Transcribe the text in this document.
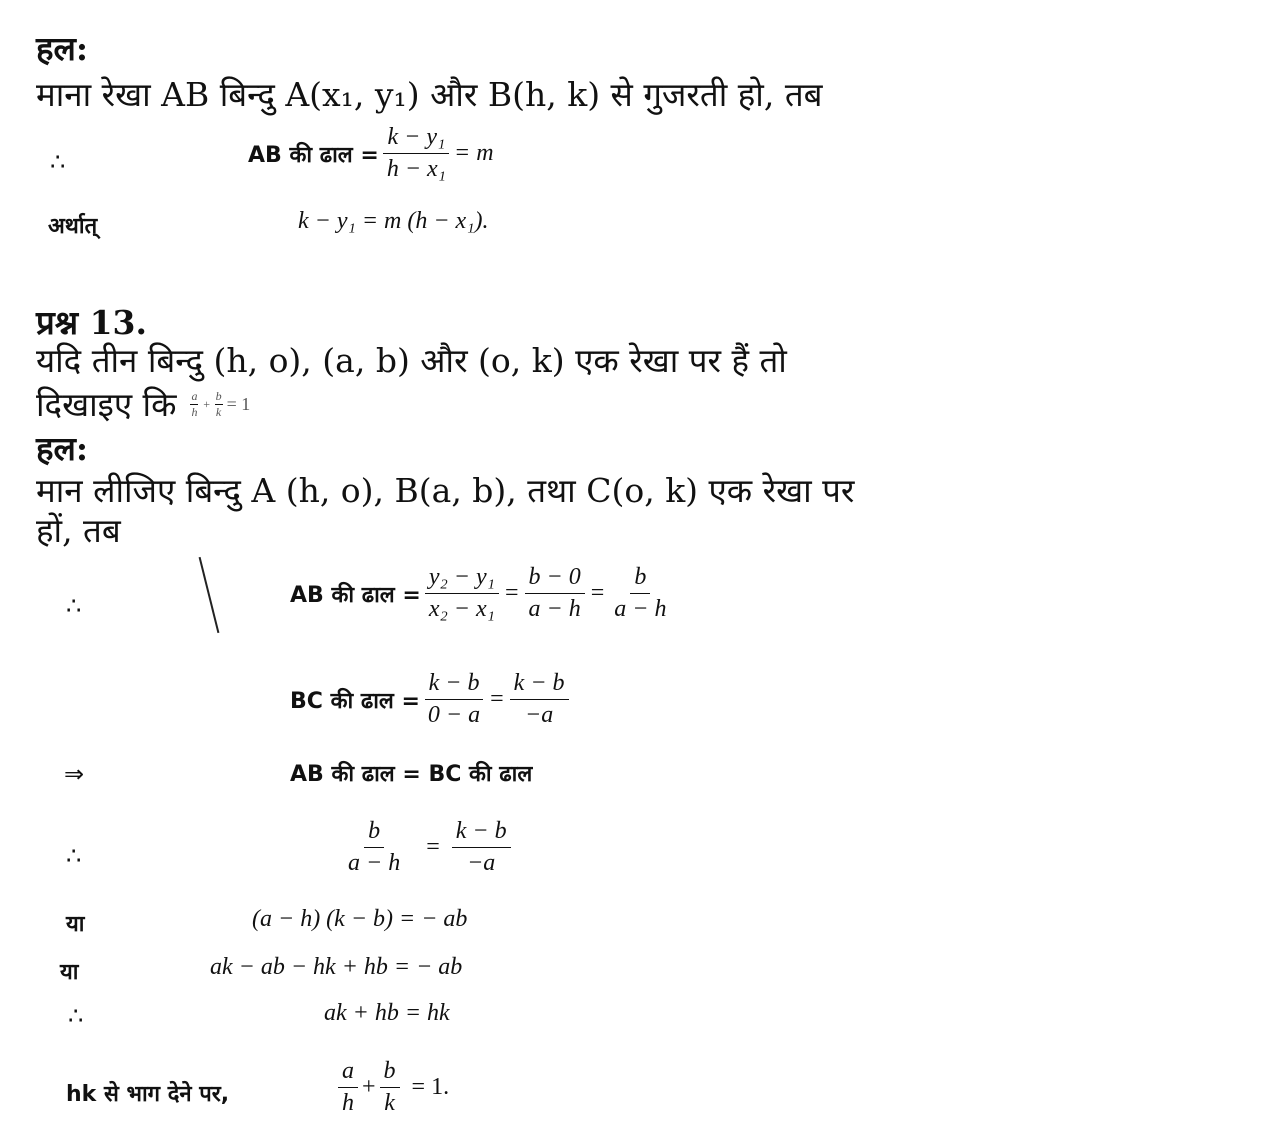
हल:
माना रेखा AB बिन्दु A(x₁, y₁) और B(h, k) से गुजरती हो, तब
∴	AB की ढाल = $\frac{\text{k − y₁}}{\text{h − x₁}} = m$
अर्थात्	k − y₁ = m (h − x₁).
प्रश्न 13.
यदि तीन बिन्दु (h, o), (a, b) और (o, k) एक रेखा पर हैं तो
दिखाइए कि $\frac{a}{h} + \frac{b}{k} = 1$
हल:
मान लीजिए बिन्दु A (h, o), B(a, b), तथा C(o, k) एक रेखा पर
हों, तब
∴	AB की ढाल = $\frac{\text{y₂ − y₁}}{\text{x₂ − x₁}} = \frac{b - 0}{a - h} = \frac{b}{a - h}$
BC की ढाल = $\frac{k - b}{0 - a} = \frac{k - b}{-a}$
⇒	AB की ढाल = BC की ढाल
∴	$\frac{b}{a - h} = \frac{k - b}{-a}$
या	(a − h) (k − b) = − ab
या	ak − ab − hk + hb = − ab
∴	ak + hb = hk
hk से भाग देने पर,	$\frac{a}{h} + \frac{b}{k} = 1$.
